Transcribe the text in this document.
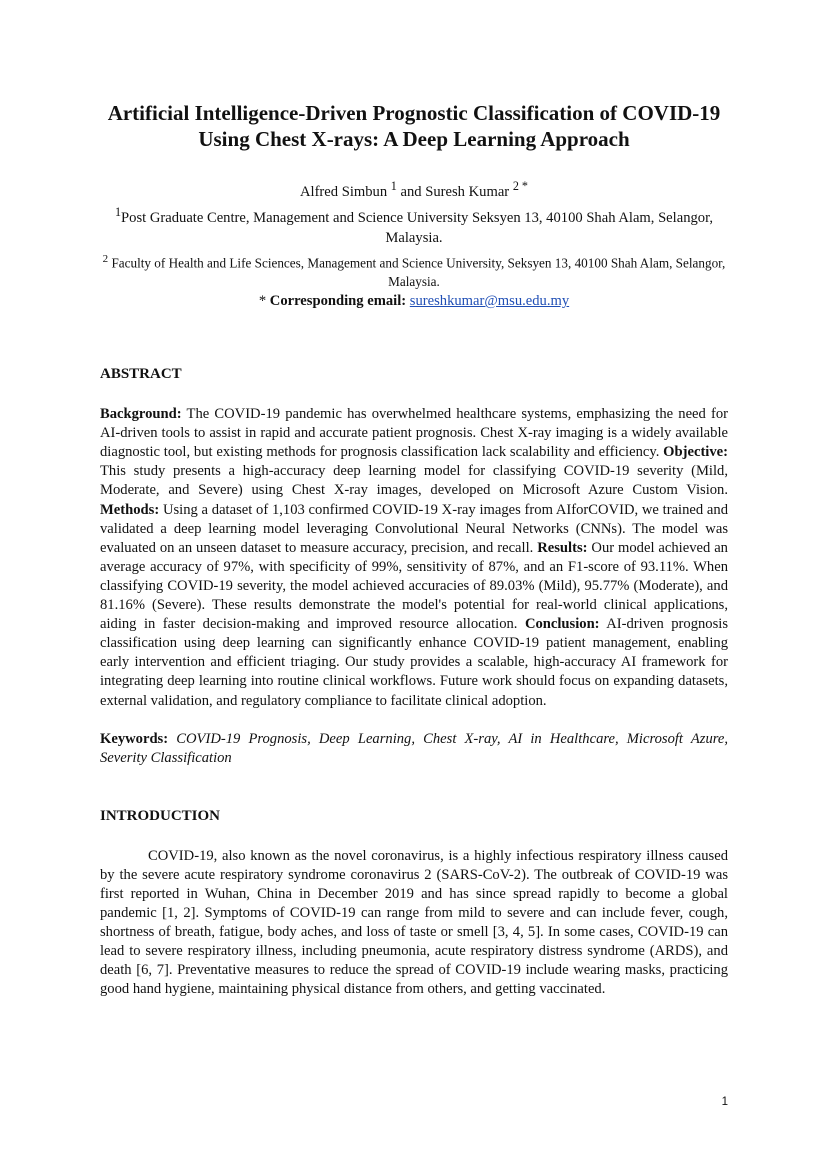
Artificial Intelligence-Driven Prognostic Classification of COVID-19 Using Chest X-rays: A Deep Learning Approach
Alfred Simbun $^1$ and Suresh Kumar $^{2 *}$
$^1$Post Graduate Centre, Management and Science University Seksyen 13, 40100 Shah Alam, Selangor, Malaysia.
$^2$ Faculty of Health and Life Sciences, Management and Science University, Seksyen 13, 40100 Shah Alam, Selangor, Malaysia.
* Corresponding email: sureshkumar@msu.edu.my
ABSTRACT

Background: The COVID-19 pandemic has overwhelmed healthcare systems, emphasizing the need for AI-driven tools to assist in rapid and accurate patient prognosis. Chest X-ray imaging is a widely available diagnostic tool, but existing methods for prognosis classification lack scalability and efficiency. Objective: This study presents a high-accuracy deep learning model for classifying COVID-19 severity (Mild, Moderate, and Severe) using Chest X-ray images, developed on Microsoft Azure Custom Vision. Methods: Using a dataset of 1,103 confirmed COVID-19 X-ray images from AIforCOVID, we trained and validated a deep learning model leveraging Convolutional Neural Networks (CNNs). The model was evaluated on an unseen dataset to measure accuracy, precision, and recall. Results: Our model achieved an average accuracy of 97%, with specificity of 99%, sensitivity of 87%, and an F1-score of 93.11%. When classifying COVID-19 severity, the model achieved accuracies of 89.03% (Mild), 95.77% (Moderate), and 81.16% (Severe). These results demonstrate the model's potential for real-world clinical applications, aiding in faster decision-making and improved resource allocation. Conclusion: AI-driven prognosis classification using deep learning can significantly enhance COVID-19 patient management, enabling early intervention and efficient triaging. Our study provides a scalable, high-accuracy AI framework for integrating deep learning into routine clinical workflows. Future work should focus on expanding datasets, external validation, and regulatory compliance to facilitate clinical adoption.

Keywords: COVID-19 Prognosis, Deep Learning, Chest X-ray, AI in Healthcare, Microsoft Azure, Severity Classification

INTRODUCTION

COVID-19, also known as the novel coronavirus, is a highly infectious respiratory illness caused by the severe acute respiratory syndrome coronavirus 2 (SARS-CoV-2). The outbreak of COVID-19 was first reported in Wuhan, China in December 2019 and has since spread rapidly to become a global pandemic [1, 2]. Symptoms of COVID-19 can range from mild to severe and can include fever, cough, shortness of breath, fatigue, body aches, and loss of taste or smell [3, 4, 5]. In some cases, COVID-19 can lead to severe respiratory illness, including pneumonia, acute respiratory distress syndrome (ARDS), and death [6, 7]. Preventative measures to reduce the spread of COVID-19 include wearing masks, practicing good hand hygiene, maintaining physical distance from others, and getting vaccinated.

1
